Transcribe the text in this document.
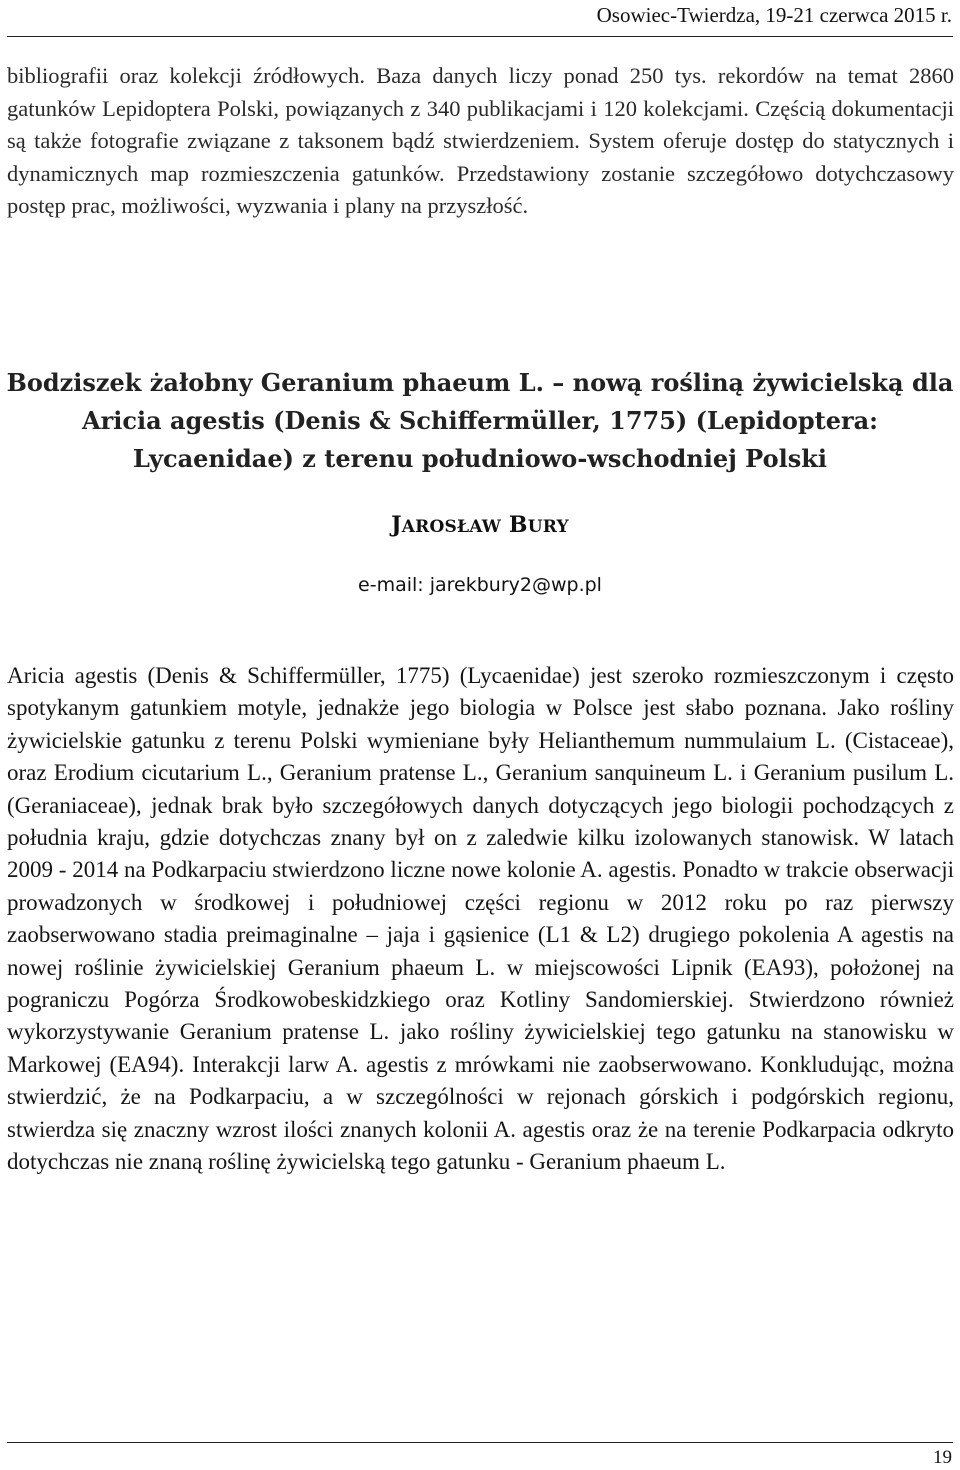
Osowiec-Twierdza, 19-21 czerwca 2015 r.
bibliografii oraz kolekcji źródłowych. Baza danych liczy ponad 250 tys. rekordów na temat 2860 gatunków Lepidoptera Polski, powiązanych z 340 publikacjami i 120 kolekcjami. Częścią dokumentacji są także fotografie związane z taksonem bądź stwierdzeniem. System oferuje dostęp do statycznych i dynamicznych map rozmieszczenia gatunków. Przedstawiony zostanie szczegółowo dotychczasowy postęp prac, możliwości, wyzwania i plany na przyszłość.
Bodziszek żałobny Geranium phaeum L. – nową rośliną żywicielską dla
Aricia agestis (Denis & Schiffermüller, 1775) (Lepidoptera:
Lycaenidae) z terenu południowo-wschodniej Polski
JAROSŁAW BURY
e-mail: jarekbury2@wp.pl
Aricia agestis (Denis & Schiffermüller, 1775) (Lycaenidae) jest szeroko rozmieszczonym i często spotykanym gatunkiem motyle, jednakże jego biologia w Polsce jest słabo poznana. Jako rośliny żywicielskie gatunku z terenu Polski wymieniane były Helianthemum nummulaium L. (Cistaceae), oraz Erodium cicutarium L., Geranium pratense L., Geranium sanquineum L. i Geranium pusilum L. (Geraniaceae), jednak brak było szczegółowych danych dotyczących jego biologii pochodzących z południa kraju, gdzie dotychczas znany był on z zaledwie kilku izolowanych stanowisk. W latach 2009 - 2014 na Podkarpaciu stwierdzono liczne nowe kolonie A. agestis. Ponadto w trakcie obserwacji prowadzonych w środkowej i południowej części regionu w 2012 roku po raz pierwszy zaobserwowano stadia preimaginalne – jaja i gąsienice (L1 & L2) drugiego pokolenia A agestis na nowej roślinie żywicielskiej Geranium phaeum L. w miejscowości Lipnik (EA93), położonej na pograniczu Pogórza Środkowobeskidzkiego oraz Kotliny Sandomierskiej. Stwierdzono również wykorzystywanie Geranium pratense L. jako rośliny żywicielskiej tego gatunku na stanowisku w Markowej (EA94). Interakcji larw A. agestis z mrówkami nie zaobserwowano. Konkludując, można stwierdzić, że na Podkarpaciu, a w szczególności w rejonach górskich i podgórskich regionu, stwierdza się znaczny wzrost ilości znanych kolonii A. agestis oraz że na terenie Podkarpacia odkryto dotychczas nie znaną roślinę żywicielską tego gatunku - Geranium phaeum L.
19
